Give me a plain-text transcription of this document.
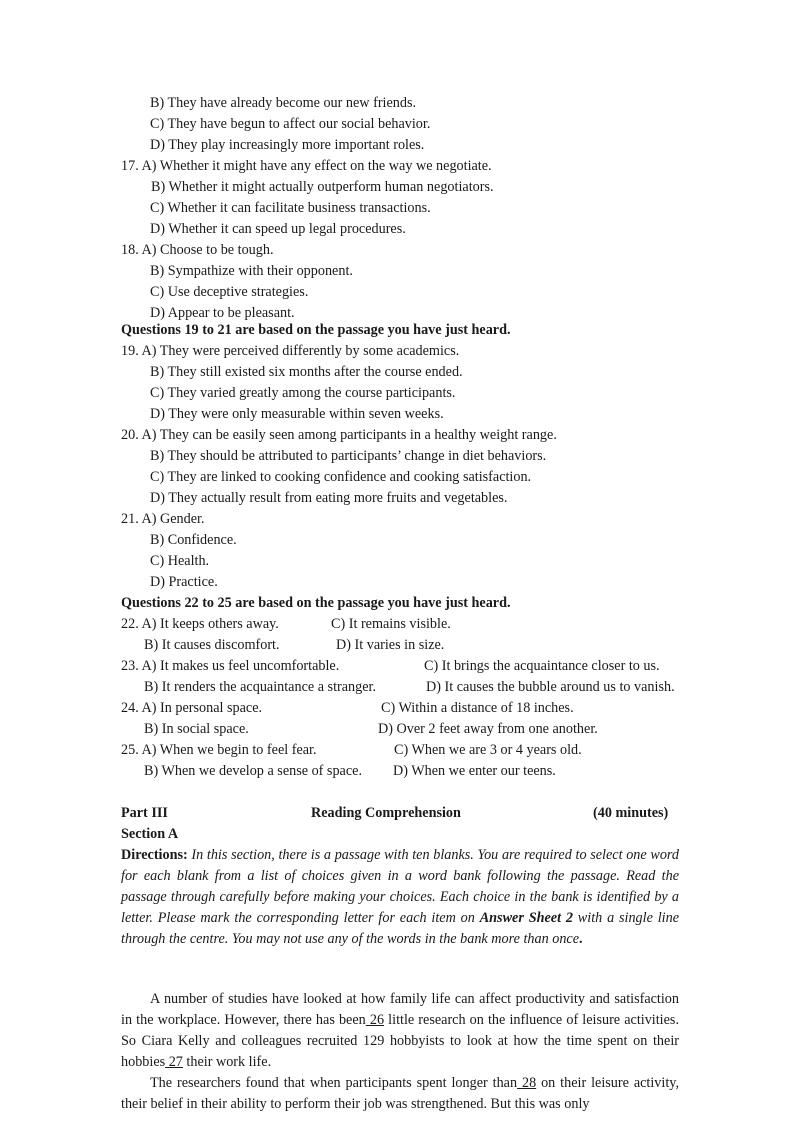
B) They have already become our new friends.
C) They have begun to affect our social behavior.
D) They play increasingly more important roles.
17. A) Whether it might have any effect on the way we negotiate.
B) Whether it might actually outperform human negotiators.
C) Whether it can facilitate business transactions.
D) Whether it can speed up legal procedures.
18. A) Choose to be tough.
B) Sympathize with their opponent.
C) Use deceptive strategies.
D) Appear to be pleasant.
Questions 19 to 21 are based on the passage you have just heard.
19. A) They were perceived differently by some academics.
B) They still existed six months after the course ended.
C) They varied greatly among the course participants.
D) They were only measurable within seven weeks.
20. A) They can be easily seen among participants in a healthy weight range.
B) They should be attributed to participants’ change in diet behaviors.
C) They are linked to cooking confidence and cooking satisfaction.
D) They actually result from eating more fruits and vegetables.
21. A) Gender.
B) Confidence.
C) Health.
D) Practice.
Questions 22 to 25 are based on the passage you have just heard.
22. A) It keeps others away.	C) It remains visible.
B) It causes discomfort.	D) It varies in size.
23. A) It makes us feel uncomfortable.	C) It brings the acquaintance closer to us.
B) It renders the acquaintance a stranger.	D) It causes the bubble around us to vanish.
24. A) In personal space.	C) Within a distance of 18 inches.
B) In social space.	D) Over 2 feet away from one another.
25. A) When we begin to feel fear.	C) When we are 3 or 4 years old.
B) When we develop a sense of space. D) When we enter our teens.
Part III	Reading Comprehension	(40 minutes)
Section A
Directions: In this section, there is a passage with ten blanks. You are required to select one word for each blank from a list of choices given in a word bank following the passage. Read the passage through carefully before making your choices. Each choice in the bank is identified by a letter. Please mark the corresponding letter for each item on Answer Sheet 2 with a single line through the centre. You may not use any of the words in the bank more than once.
A number of studies have looked at how family life can affect productivity and satisfaction in the workplace. However, there has been 26 little research on the influence of leisure activities. So Ciara Kelly and colleagues recruited 129 hobbyists to look at how the time spent on their hobbies 27 their work life.
The researchers found that when participants spent longer than 28 on their leisure activity, their belief in their ability to perform their job was strengthened. But this was only
